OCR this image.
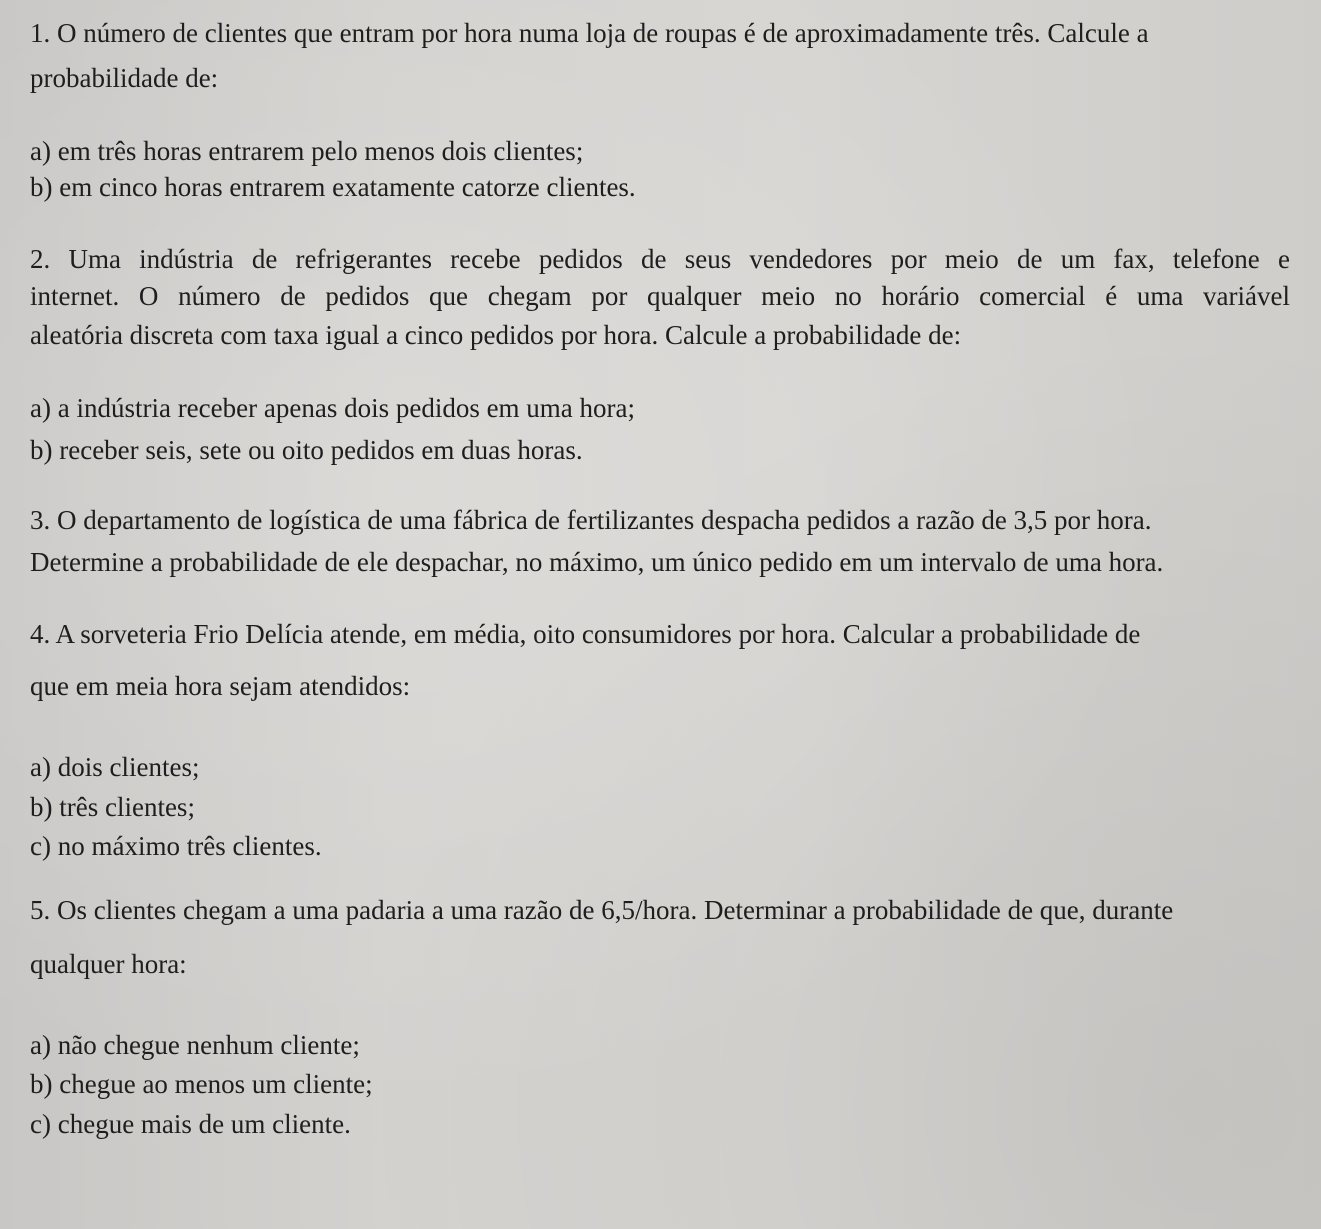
1. O número de clientes que entram por hora numa loja de roupas é de aproximadamente três. Calcule a
probabilidade de:
a) em três horas entrarem pelo menos dois clientes;
b) em cinco horas entrarem exatamente catorze clientes.
2. Uma indústria de refrigerantes recebe pedidos de seus vendedores por meio de um fax, telefone e
internet. O número de pedidos que chegam por qualquer meio no horário comercial é uma variável
aleatória discreta com taxa igual a cinco pedidos por hora. Calcule a probabilidade de:
a) a indústria receber apenas dois pedidos em uma hora;
b) receber seis, sete ou oito pedidos em duas horas.
3. O departamento de logística de uma fábrica de fertilizantes despacha pedidos a razão de 3,5 por hora.
Determine a probabilidade de ele despachar, no máximo, um único pedido em um intervalo de uma hora.
4. A sorveteria Frio Delícia atende, em média, oito consumidores por hora. Calcular a probabilidade de
que em meia hora sejam atendidos:
a) dois clientes;
b) três clientes;
c) no máximo três clientes.
5. Os clientes chegam a uma padaria a uma razão de 6,5/hora. Determinar a probabilidade de que, durante
qualquer hora:
a) não chegue nenhum cliente;
b) chegue ao menos um cliente;
c) chegue mais de um cliente.
